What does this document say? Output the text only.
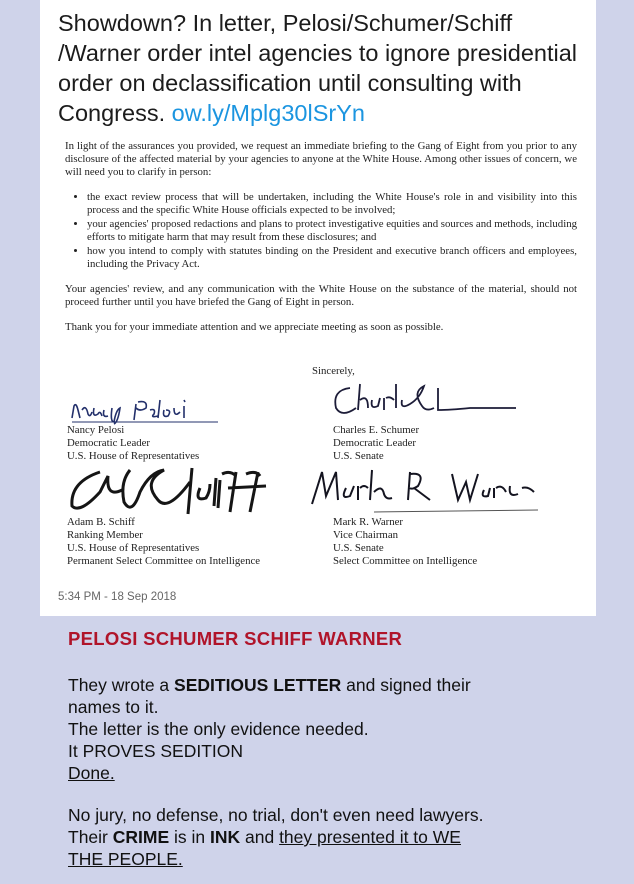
Showdown? In letter, Pelosi/Schumer/Schiff /Warner order intel agencies to ignore presidential order on declassification until consulting with Congress. ow.ly/Mplg30lSrYn

In light of the assurances you provided, we request an immediate briefing to the Gang of Eight from you prior to any disclosure of the affected material by your agencies to anyone at the White House. Among other issues of concern, we will need you to clarify in person:

• the exact review process that will be undertaken, including the White House's role in and visibility into this process and the specific White House officials expected to be involved;
• your agencies' proposed redactions and plans to protect investigative equities and sources and methods, including efforts to mitigate harm that may result from these disclosures; and
• how you intend to comply with statutes binding on the President and executive branch officers and employees, including the Privacy Act.

Your agencies' review, and any communication with the White House on the substance of the material, should not proceed further until you have briefed the Gang of Eight in person.

Thank you for your immediate attention and we appreciate meeting as soon as possible.

Sincerely,
Nancy Pelosi
Democratic Leader
U.S. House of Representatives
Charles E. Schumer
Democratic Leader
U.S. Senate
Adam B. Schiff
Ranking Member
U.S. House of Representatives
Permanent Select Committee on Intelligence
Mark R. Warner
Vice Chairman
U.S. Senate
Select Committee on Intelligence
5:34 PM - 18 Sep 2018
PELOSI SCHUMER SCHIFF WARNER
They wrote a SEDITIOUS LETTER and signed their
names to it.
The letter is the only evidence needed.
It PROVES SEDITION
Done.
No jury, no defense, no trial, don't even need lawyers.
Their CRIME is in INK and they presented it to WE
THE PEOPLE.
